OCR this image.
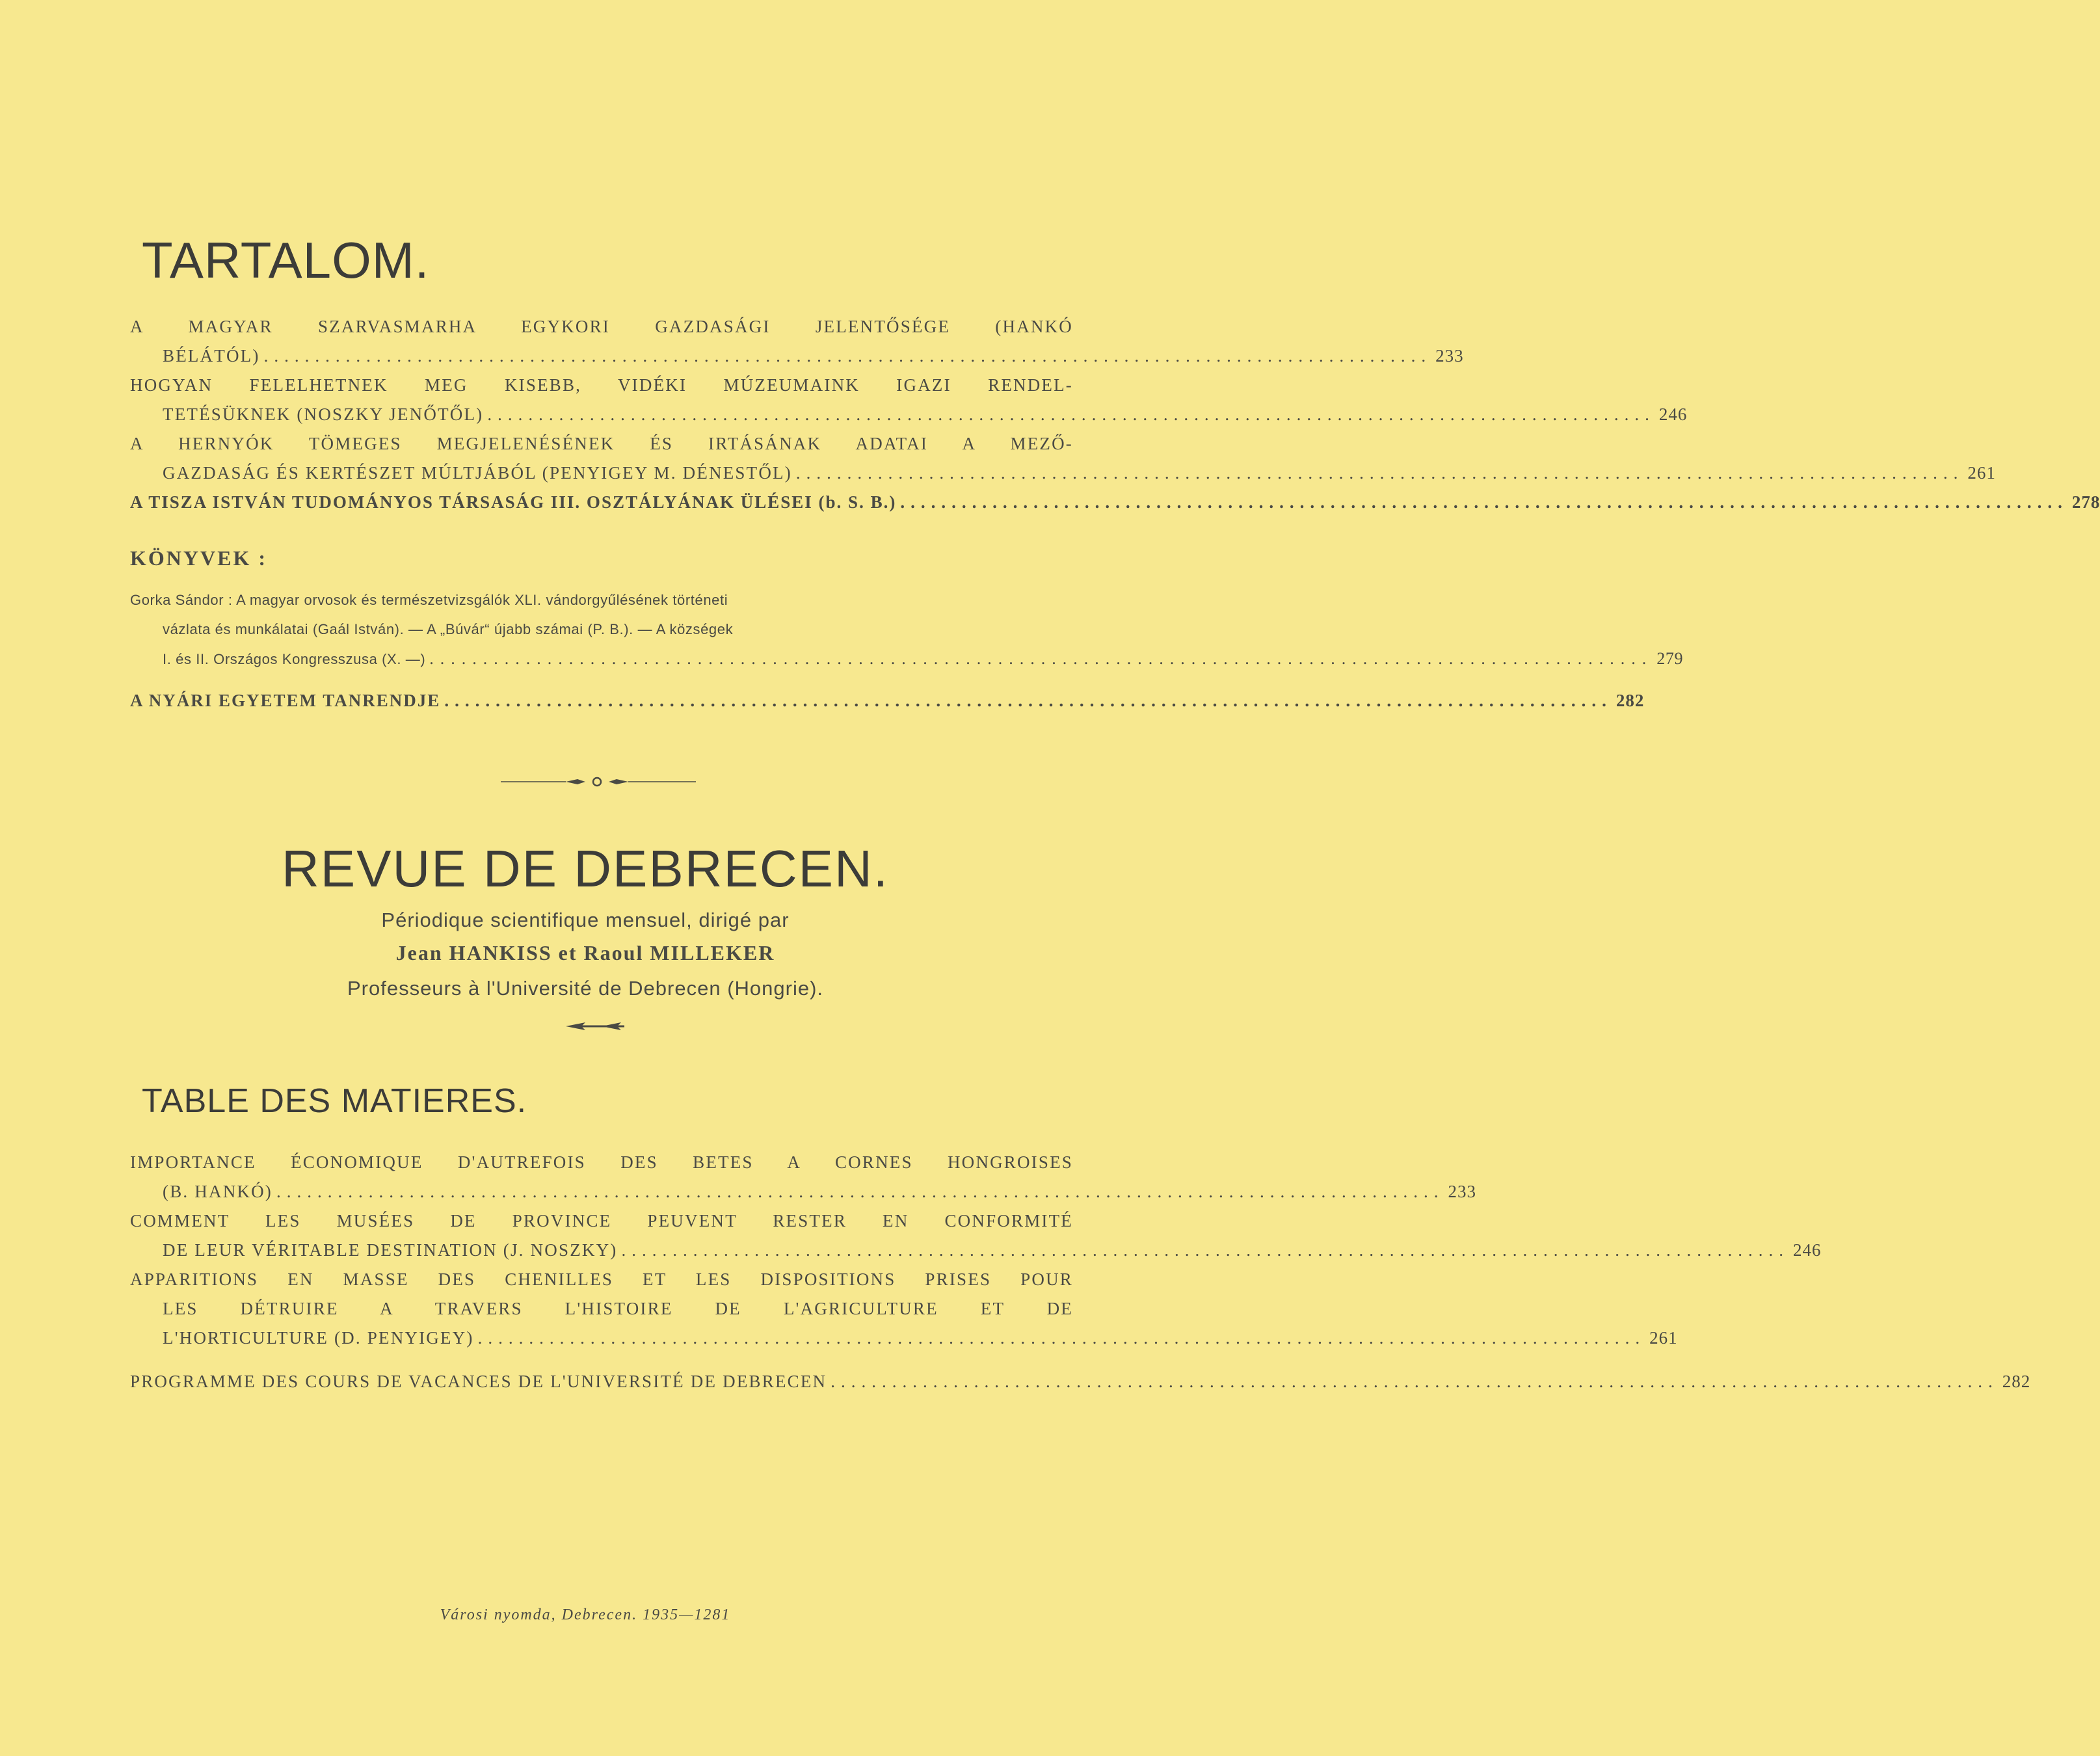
TARTALOM.
A MAGYAR SZARVASMARHA EGYKORI GAZDASÁGI JELENTŐSÉGE (HANKÓ
BÉLÁTÓL) .................................................................................................................. 233
HOGYAN FELELHETNEK MEG KISEBB, VIDÉKI MÚZEUMAINK IGAZI RENDEL-
TETÉSÜKNEK (NOSZKY JENŐTŐL) .................................................................................................................. 246
A HERNYÓK TÖMEGES MEGJELENÉSÉNEK ÉS IRTÁSÁNAK ADATAI A MEZŐ-
GAZDASÁG ÉS KERTÉSZET MÚLTJÁBÓL (PENYIGEY M. DÉNESTŐL) .................................................................................................................. 261
A TISZA ISTVÁN TUDOMÁNYOS TÁRSASÁG III. OSZTÁLYÁNAK ÜLÉSEI (b. S. B.) .................................................................................................................. 278
KÖNYVEK :
Gorka Sándor : A magyar orvosok és természetvizsgálók XLI. vándorgyűlésének történeti
vázlata és munkálatai (Gaál István). — A „Búvár“ újabb számai (P. B.). — A községek
I. és II. Országos Kongresszusa (X. —) .................................................................................................................. 279
A NYÁRI EGYETEM TANRENDJE .................................................................................................................. 282
REVUE DE DEBRECEN.
Périodique scientifique mensuel, dirigé par
Jean HANKISS et Raoul MILLEKER
Professeurs à l'Université de Debrecen (Hongrie).
TABLE DES MATIERES.
IMPORTANCE ÉCONOMIQUE D'AUTREFOIS DES BETES A CORNES HONGROISES
(B. HANKÓ) .................................................................................................................. 233
COMMENT LES MUSÉES DE PROVINCE PEUVENT RESTER EN CONFORMITÉ
DE LEUR VÉRITABLE DESTINATION (J. NOSZKY) .................................................................................................................. 246
APPARITIONS EN MASSE DES CHENILLES ET LES DISPOSITIONS PRISES POUR
LES DÉTRUIRE A TRAVERS L'HISTOIRE DE L'AGRICULTURE ET DE
L'HORTICULTURE (D. PENYIGEY) .................................................................................................................. 261
PROGRAMME DES COURS DE VACANCES DE L'UNIVERSITÉ DE DEBRECEN .................................................................................................................. 282
Városi nyomda, Debrecen. 1935—1281
